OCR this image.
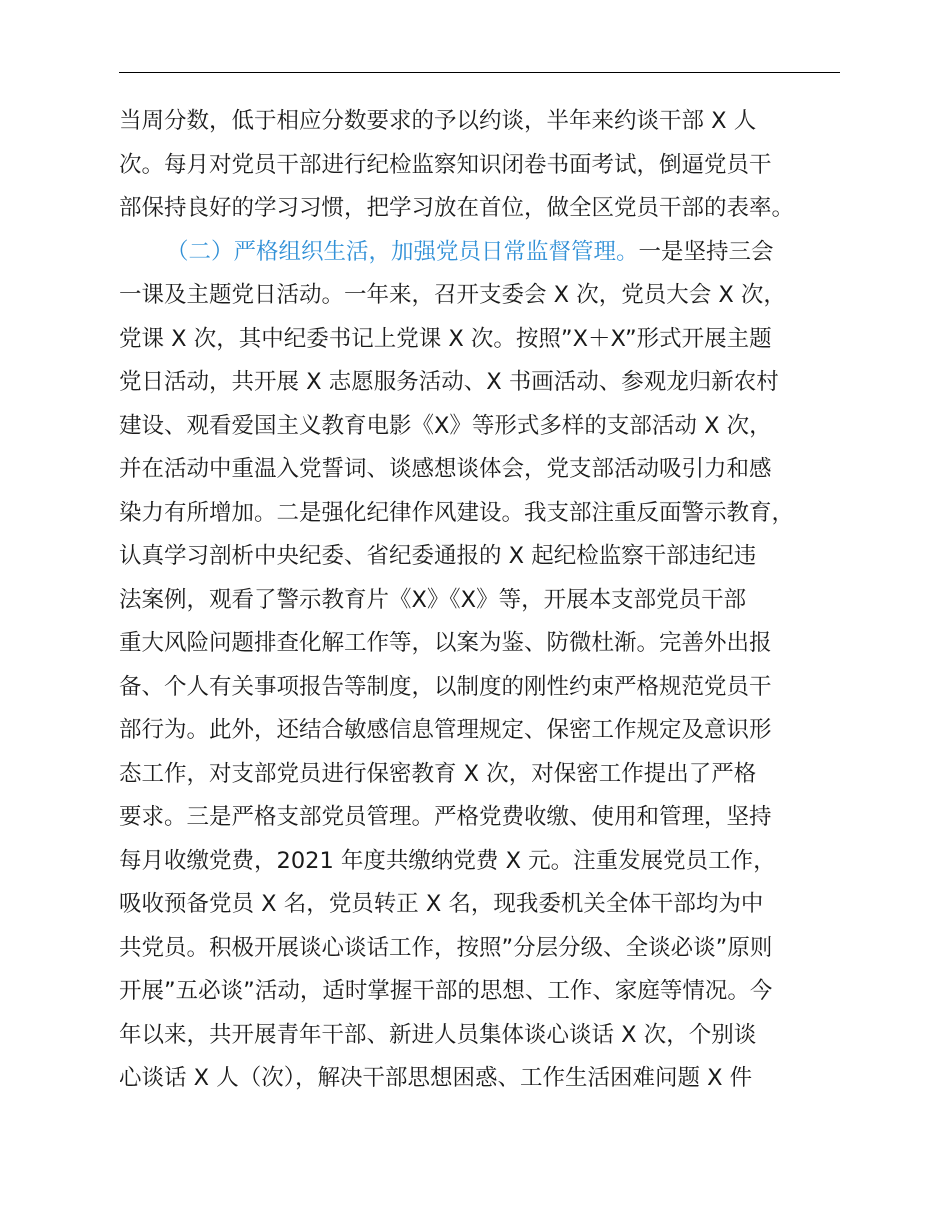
当周分数，低于相应分数要求的予以约谈，半年来约谈干部 X 人
次。每月对党员干部进行纪检监察知识闭卷书面考试，倒逼党员干
部保持良好的学习习惯，把学习放在首位，做全区党员干部的表率。
（二）严格组织生活，加强党员日常监督管理。一是坚持三会
一课及主题党日活动。一年来，召开支委会 X 次，党员大会 X 次，
党课 X 次，其中纪委书记上党课 X 次。按照”X＋X”形式开展主题
党日活动，共开展 X 志愿服务活动、X 书画活动、参观龙归新农村
建设、观看爱国主义教育电影《X》等形式多样的支部活动 X 次，
并在活动中重温入党誓词、谈感想谈体会，党支部活动吸引力和感
染力有所增加。二是强化纪律作风建设。我支部注重反面警示教育，
认真学习剖析中央纪委、省纪委通报的 X 起纪检监察干部违纪违
法案例，观看了警示教育片《X》《X》等，开展本支部党员干部
重大风险问题排查化解工作等，以案为鉴、防微杜渐。完善外出报
备、个人有关事项报告等制度，以制度的刚性约束严格规范党员干
部行为。此外，还结合敏感信息管理规定、保密工作规定及意识形
态工作，对支部党员进行保密教育 X 次，对保密工作提出了严格
要求。三是严格支部党员管理。严格党费收缴、使用和管理，坚持
每月收缴党费，2021 年度共缴纳党费 X 元。注重发展党员工作，
吸收预备党员 X 名，党员转正 X 名，现我委机关全体干部均为中
共党员。积极开展谈心谈话工作，按照”分层分级、全谈必谈”原则
开展”五必谈”活动，适时掌握干部的思想、工作、家庭等情况。今
年以来，共开展青年干部、新进人员集体谈心谈话 X 次，个别谈
心谈话 X 人（次），解决干部思想困惑、工作生活困难问题 X 件
